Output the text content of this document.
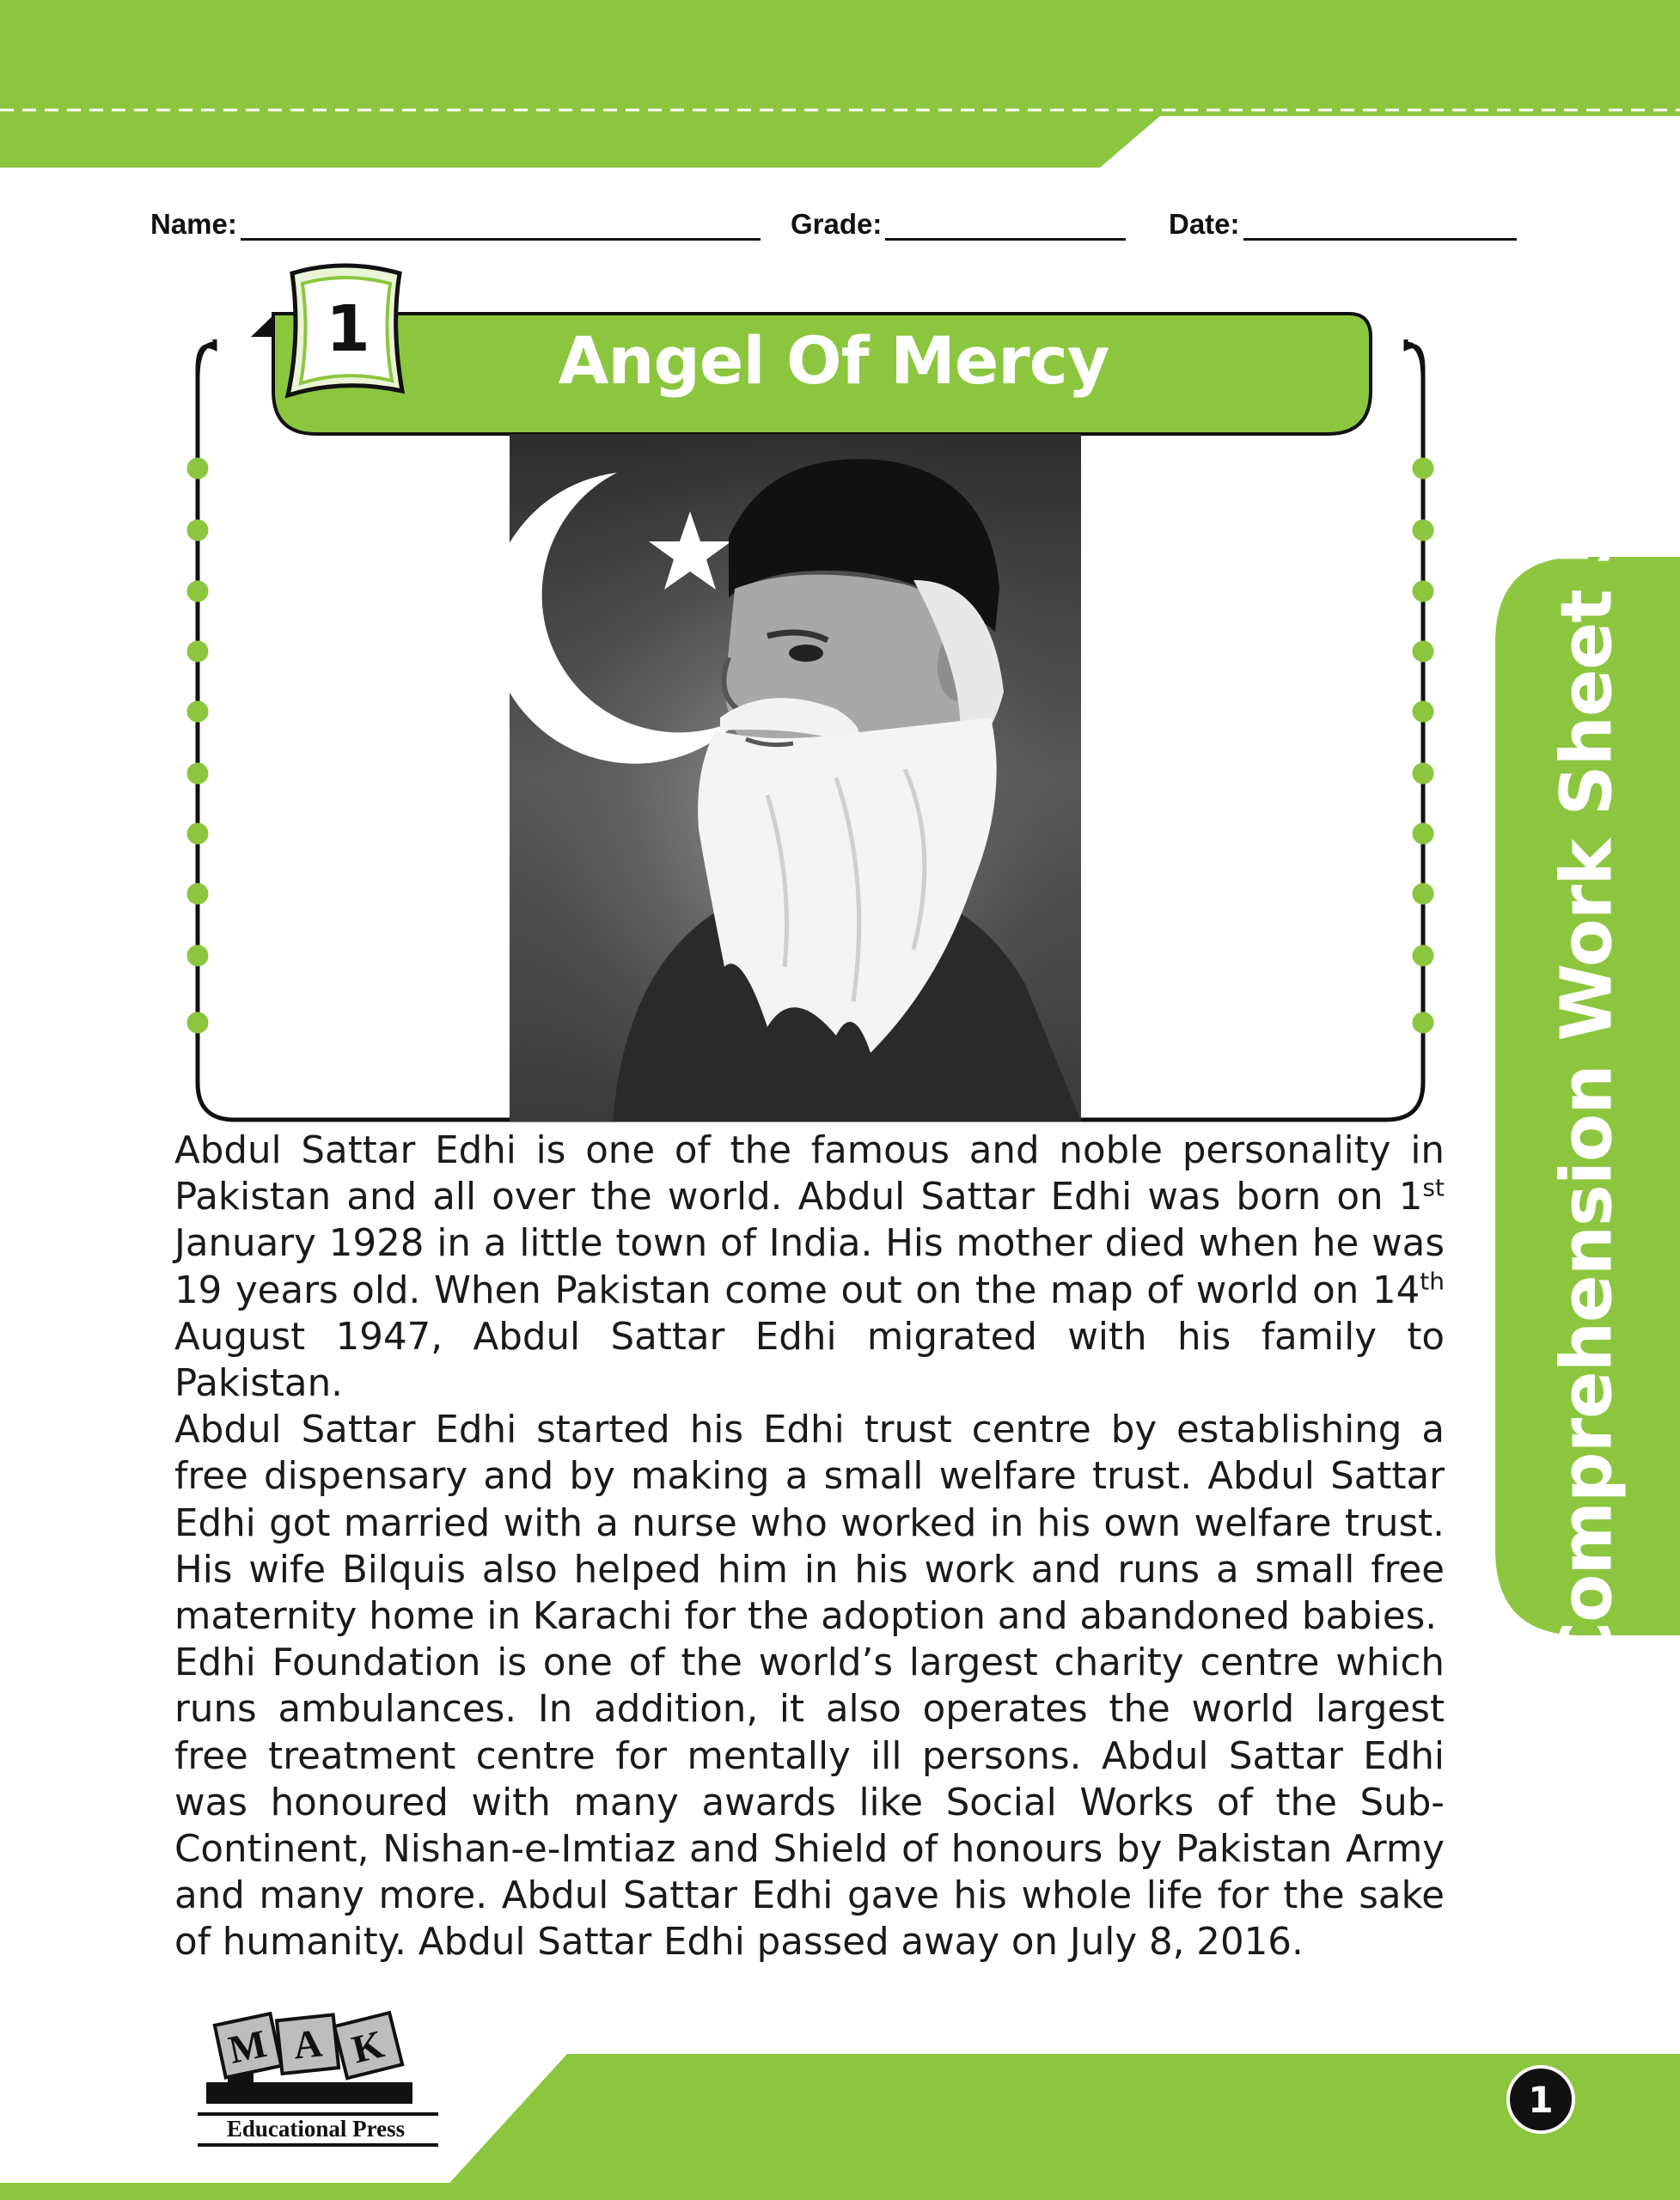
Name:	Grade:	Date:
1	Angel Of Mercy

Abdul Sattar Edhi is one of the famous and noble personality in Pakistan and all over the world. Abdul Sattar Edhi was born on 1st January 1928 in a little town of India. His mother died when he was 19 years old. When Pakistan come out on the map of world on 14th August 1947, Abdul Sattar Edhi migrated with his family to Pakistan.

Abdul Sattar Edhi started his Edhi trust centre by establishing a free dispensary and by making a small welfare trust. Abdul Sattar Edhi got married with a nurse who worked in his own welfare trust. His wife Bilquis also helped him in his work and runs a small free maternity home in Karachi for the adoption and abandoned babies.

Edhi Foundation is one of the world’s largest charity centre which runs ambulances. In addition, it also operates the world largest free treatment centre for mentally ill persons. Abdul Sattar Edhi was honoured with many awards like Social Works of the Sub-Continent, Nishan-e-Imtiaz and Shield of honours by Pakistan Army and many more. Abdul Sattar Edhi gave his whole life for the sake of humanity. Abdul Sattar Edhi passed away on July 8, 2016.

Comprehension Work Sheet 5
M A K
Educational Press
1
